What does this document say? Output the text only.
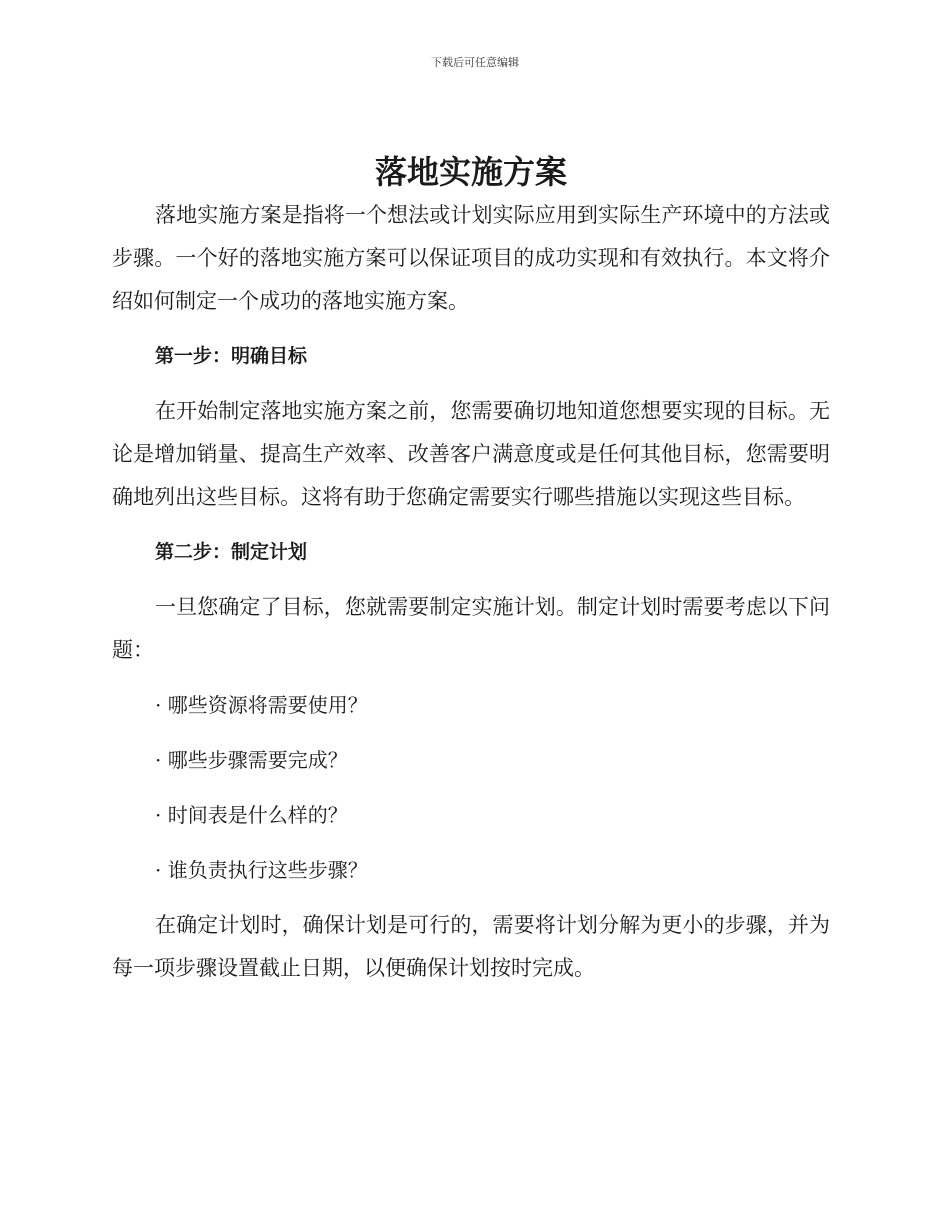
下载后可任意编辑
落地实施方案

落地实施方案是指将一个想法或计划实际应用到实际生产环境中的方法或步骤。一个好的落地实施方案可以保证项目的成功实现和有效执行。本文将介绍如何制定一个成功的落地实施方案。

第一步：明确目标

在开始制定落地实施方案之前，您需要确切地知道您想要实现的目标。无论是增加销量、提高生产效率、改善客户满意度或是任何其他目标，您需要明确地列出这些目标。这将有助于您确定需要实行哪些措施以实现这些目标。

第二步：制定计划

一旦您确定了目标，您就需要制定实施计划。制定计划时需要考虑以下问题：

· 哪些资源将需要使用？
· 哪些步骤需要完成？
· 时间表是什么样的？
· 谁负责执行这些步骤？

在确定计划时，确保计划是可行的，需要将计划分解为更小的步骤，并为每一项步骤设置截止日期，以便确保计划按时完成。
